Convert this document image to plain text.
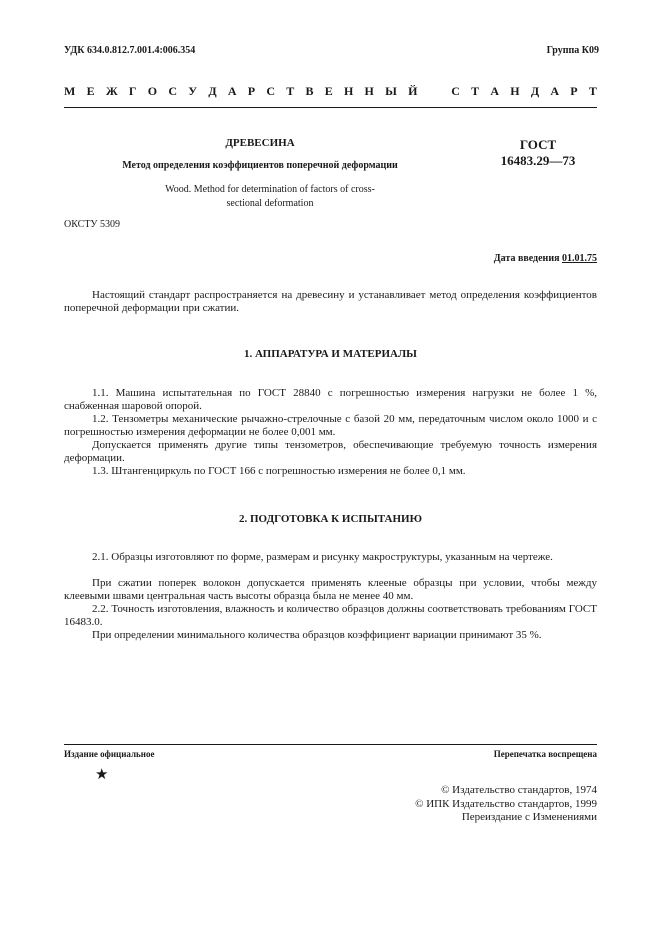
УДК 634.0.812.7.001.4:006.354	Группа К09
М Е Ж Г О С У Д А Р С Т В Е Н Н Ы Й	С Т А Н Д А Р Т
ДРЕВЕСИНА
Метод определения коэффициентов поперечной деформации
Wood. Method for determination of factors of cross-
sectional deformation
ГОСТ
16483.29—73
ОКСТУ 5309
Дата введения 01.01.75
Настоящий стандарт распространяется на древесину и устанавливает метод определения коэффициентов поперечной деформации при сжатии.
1. АППАРАТУРА И МАТЕРИАЛЫ
1.1. Машина испытательная по ГОСТ 28840 с погрешностью измерения нагрузки не более 1 %, снабженная шаровой опорой.
1.2. Тензометры механические рычажно-стрелочные с базой 20 мм, передаточным числом около 1000 и с погрешностью измерения деформации не более 0,001 мм.
Допускается применять другие типы тензометров, обеспечивающие требуемую точность измерения деформации.
1.3. Штангенциркуль по ГОСТ 166 с погрешностью измерения не более 0,1 мм.
2. ПОДГОТОВКА К ИСПЫТАНИЮ
2.1. Образцы изготовляют по форме, размерам и рисунку макроструктуры, указанным на чертеже.
При сжатии поперек волокон допускается применять клееные образцы при условии, чтобы между клеевыми швами центральная часть высоты образца была не менее 40 мм.
2.2. Точность изготовления, влажность и количество образцов должны соответствовать требованиям ГОСТ 16483.0.
При определении минимального количества образцов коэффициент вариации принимают 35 %.
Издание официальное	Перепечатка воспрещена
★
© Издательство стандартов, 1974
© ИПК Издательство стандартов, 1999
Переиздание с Изменениями
